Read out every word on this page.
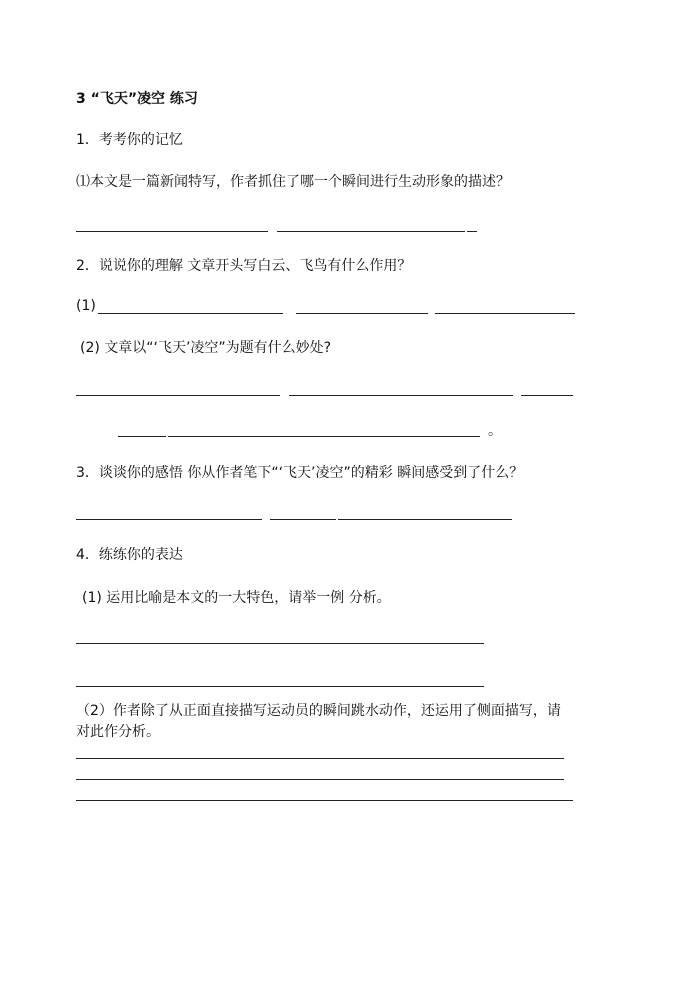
3 “飞天”凌空 练习
1．考考你的记忆
⑴本文是一篇新闻特写，作者抓住了哪一个瞬间进行生动形象的描述？
2．说说你的理解 文章开头写白云、飞鸟有什么作用？
(1)
(2) 文章以“‘飞天’凌空”为题有什么妙处?
。
3．谈谈你的感悟 你从作者笔下“‘飞天’凌空”的精彩 瞬间感受到了什么？
4．练练你的表达
(1) 运用比喻是本文的一大特色，请举一例 分析。
（2）作者除了从正面直接描写运动员的瞬间跳水动作，还运用了侧面描写，请
对此作分析。
